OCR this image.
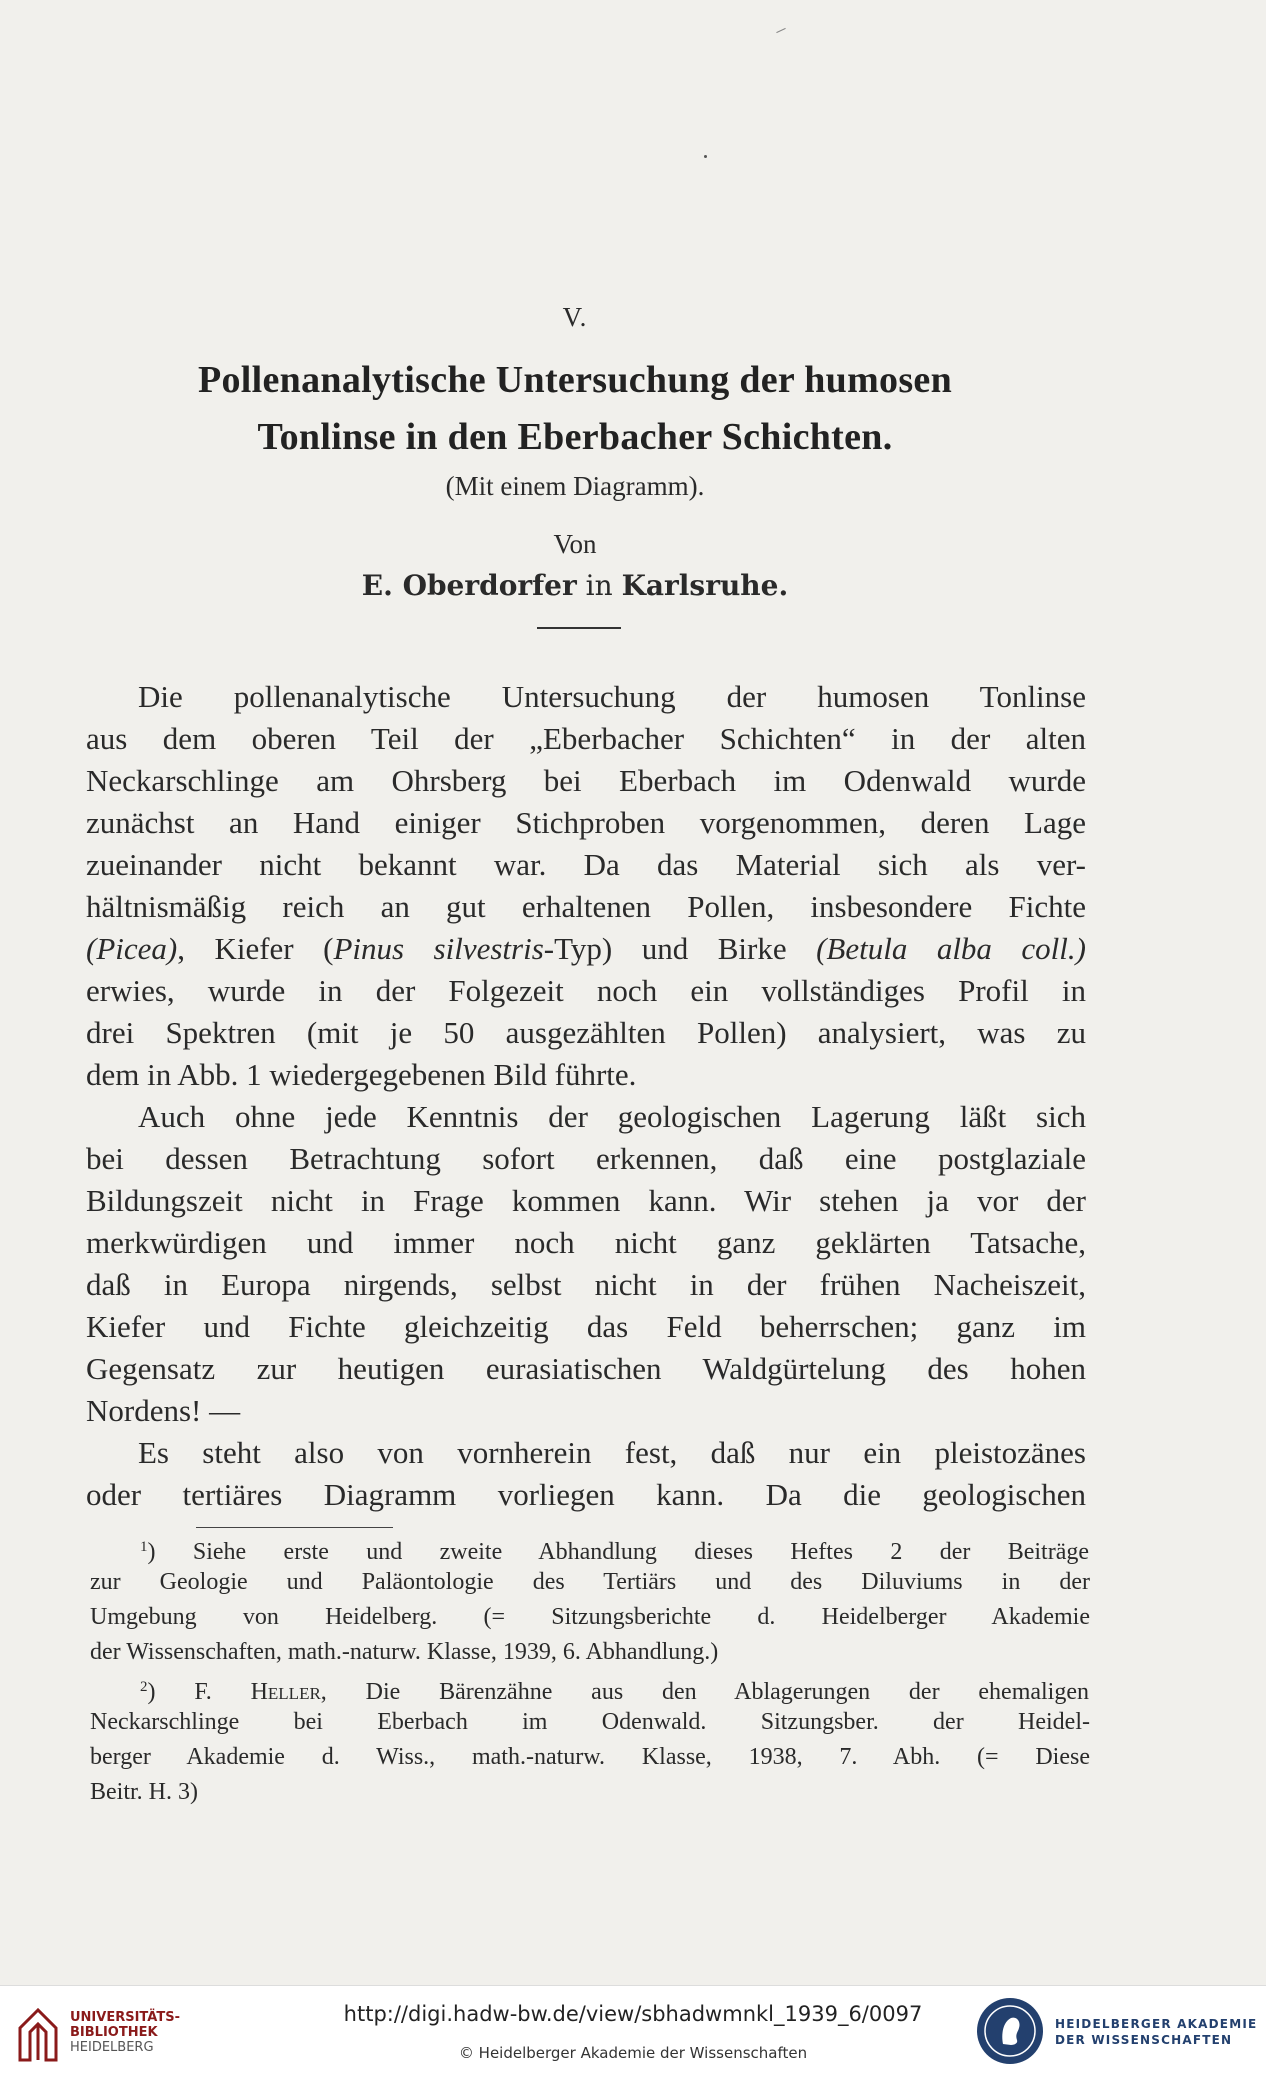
V.
Pollenanalytische Untersuchung der humosen
Tonlinse in den Eberbacher Schichten.
(Mit einem Diagramm).
Von
E. Oberdorfer in Karlsruhe.
Die pollenanalytische Untersuchung der humosen Tonlinse
aus dem oberen Teil der „Eberbacher Schichten“ in der alten
Neckarschlinge am Ohrsberg bei Eberbach im Odenwald wurde
zunächst an Hand einiger Stichproben vorgenommen, deren Lage
zueinander nicht bekannt war. Da das Material sich als ver-
hältnismäßig reich an gut erhaltenen Pollen, insbesondere Fichte
(Picea), Kiefer (Pinus silvestris-Typ) und Birke (Betula alba coll.)
erwies, wurde in der Folgezeit noch ein vollständiges Profil in
drei Spektren (mit je 50 ausgezählten Pollen) analysiert, was zu
dem in Abb. 1 wiedergegebenen Bild führte.
Auch ohne jede Kenntnis der geologischen Lagerung läßt sich
bei dessen Betrachtung sofort erkennen, daß eine postglaziale
Bildungszeit nicht in Frage kommen kann. Wir stehen ja vor der
merkwürdigen und immer noch nicht ganz geklärten Tatsache,
daß in Europa nirgends, selbst nicht in der frühen Nacheiszeit,
Kiefer und Fichte gleichzeitig das Feld beherrschen; ganz im
Gegensatz zur heutigen eurasiatischen Waldgürtelung des hohen
Nordens! —
Es steht also von vornherein fest, daß nur ein pleistozänes
oder tertiäres Diagramm vorliegen kann. Da die geologischen
$^1$) Siehe erste und zweite Abhandlung dieses Heftes 2 der Beiträge
zur Geologie und Paläontologie des Tertiärs und des Diluviums in der
Umgebung von Heidelberg. (= Sitzungsberichte d. Heidelberger Akademie
der Wissenschaften, math.-naturw. Klasse, 1939, 6. Abhandlung.)
$^2$) F. Heller, Die Bärenzähne aus den Ablagerungen der ehemaligen
Neckarschlinge bei Eberbach im Odenwald. Sitzungsber. der Heidel-
berger Akademie d. Wiss., math.-naturw. Klasse, 1938, 7. Abh. (= Diese
Beitr. H. 3)
UNIVERSITÄTS-
BIBLIOTHEK
HEIDELBERG
http://digi.hadw-bw.de/view/sbhadwmnkl_1939_6/0097
© Heidelberger Akademie der Wissenschaften
HEIDELBERGER AKADEMIE
DER WISSENSCHAFTEN
